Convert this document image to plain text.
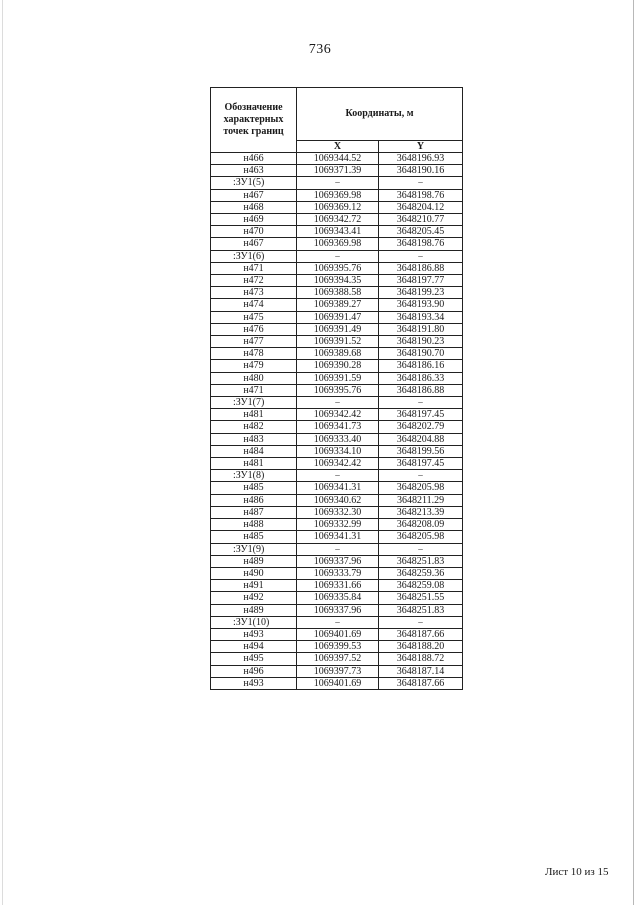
736
Обозначение характерных точек границ	Координаты, м	
	X	Y
н466	1069344.52	3648196.93
н463	1069371.39	3648190.16
:ЗУ1(5)	–	–
н467	1069369.98	3648198.76
н468	1069369.12	3648204.12
н469	1069342.72	3648210.77
н470	1069343.41	3648205.45
н467	1069369.98	3648198.76
:ЗУ1(6)	–	–
н471	1069395.76	3648186.88
н472	1069394.35	3648197.77
н473	1069388.58	3648199.23
н474	1069389.27	3648193.90
н475	1069391.47	3648193.34
н476	1069391.49	3648191.80
н477	1069391.52	3648190.23
н478	1069389.68	3648190.70
н479	1069390.28	3648186.16
н480	1069391.59	3648186.33
н471	1069395.76	3648186.88
:ЗУ1(7)	–	–
н481	1069342.42	3648197.45
н482	1069341.73	3648202.79
н483	1069333.40	3648204.88
н484	1069334.10	3648199.56
н481	1069342.42	3648197.45
:ЗУ1(8)	–	–
н485	1069341.31	3648205.98
н486	1069340.62	3648211.29
н487	1069332.30	3648213.39
н488	1069332.99	3648208.09
н485	1069341.31	3648205.98
:ЗУ1(9)	–	–
н489	1069337.96	3648251.83
н490	1069333.79	3648259.36
н491	1069331.66	3648259.08
н492	1069335.84	3648251.55
н489	1069337.96	3648251.83
:ЗУ1(10)	–	–
н493	1069401.69	3648187.66
н494	1069399.53	3648188.20
н495	1069397.52	3648188.72
н496	1069397.73	3648187.14
н493	1069401.69	3648187.66
Лист 10 из 15
